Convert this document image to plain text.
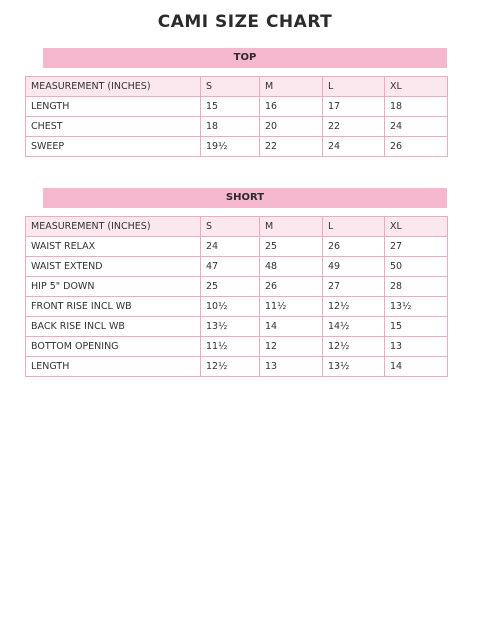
CAMI SIZE CHART
TOP
MEASUREMENT (INCHES)	S	M	L	XL
LENGTH	15	16	17	18
CHEST	18	20	22	24
SWEEP	19½	22	24	26
SHORT
MEASUREMENT (INCHES)	S	M	L	XL
WAIST RELAX	24	25	26	27
WAIST EXTEND	47	48	49	50
HIP 5" DOWN	25	26	27	28
FRONT RISE INCL WB	10½	11½	12½	13½
BACK RISE INCL WB	13½	14	14½	15
BOTTOM OPENING	11½	12	12½	13
LENGTH	12½	13	13½	14
